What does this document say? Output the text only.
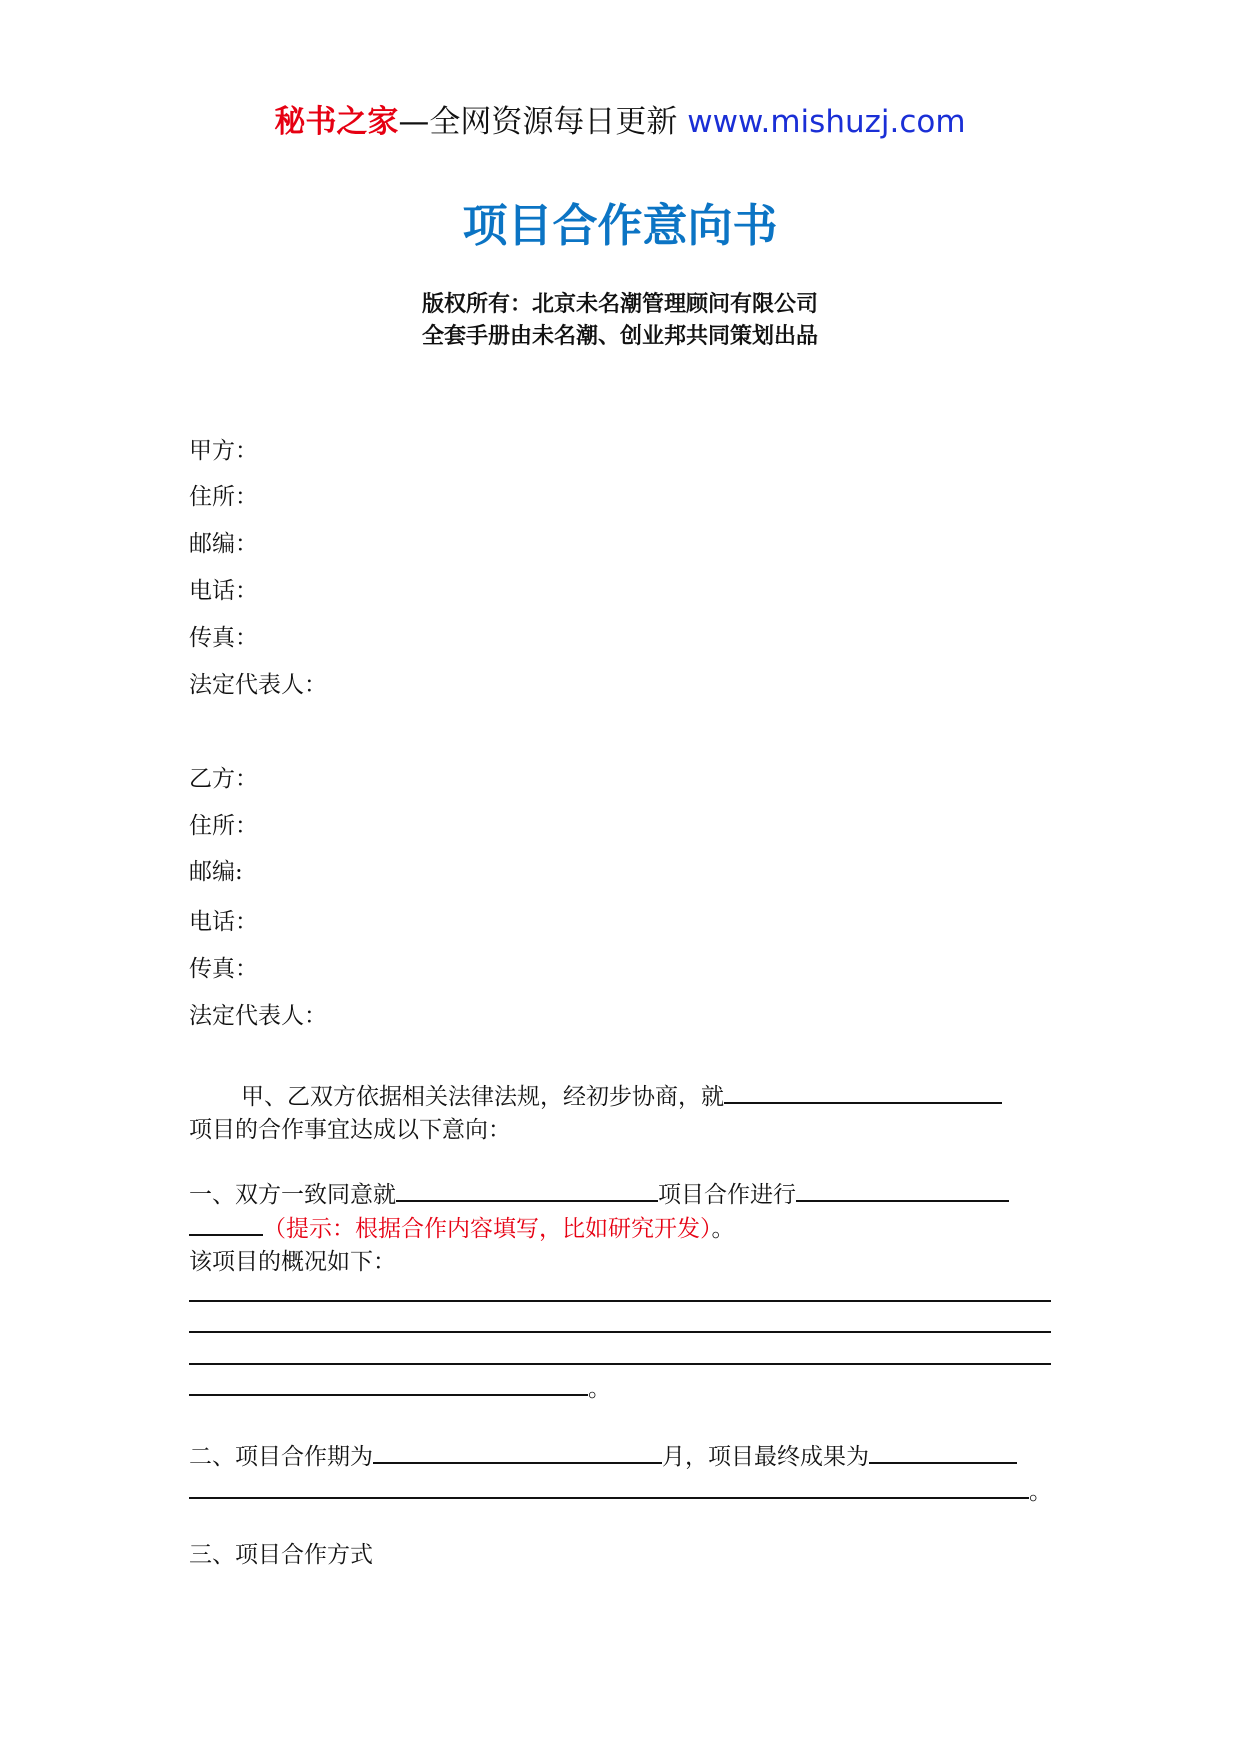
秘书之家—全网资源每日更新 www.mishuzj.com
项目合作意向书
版权所有：北京未名潮管理顾问有限公司
全套手册由未名潮、创业邦共同策划出品
甲方：
住所：
邮编：
电话：
传真：
法定代表人：
乙方：
住所：
邮编:
电话：
传真：
法定代表人：
甲、乙双方依据相关法律法规，经初步协商，就
项目的合作事宜达成以下意向：
一、双方一致同意就	项目合作进行
（提示：根据合作内容填写，比如研究开发）。
该项目的概况如下：
。
二、项目合作期为	月，项目最终成果为
。
三、项目合作方式
